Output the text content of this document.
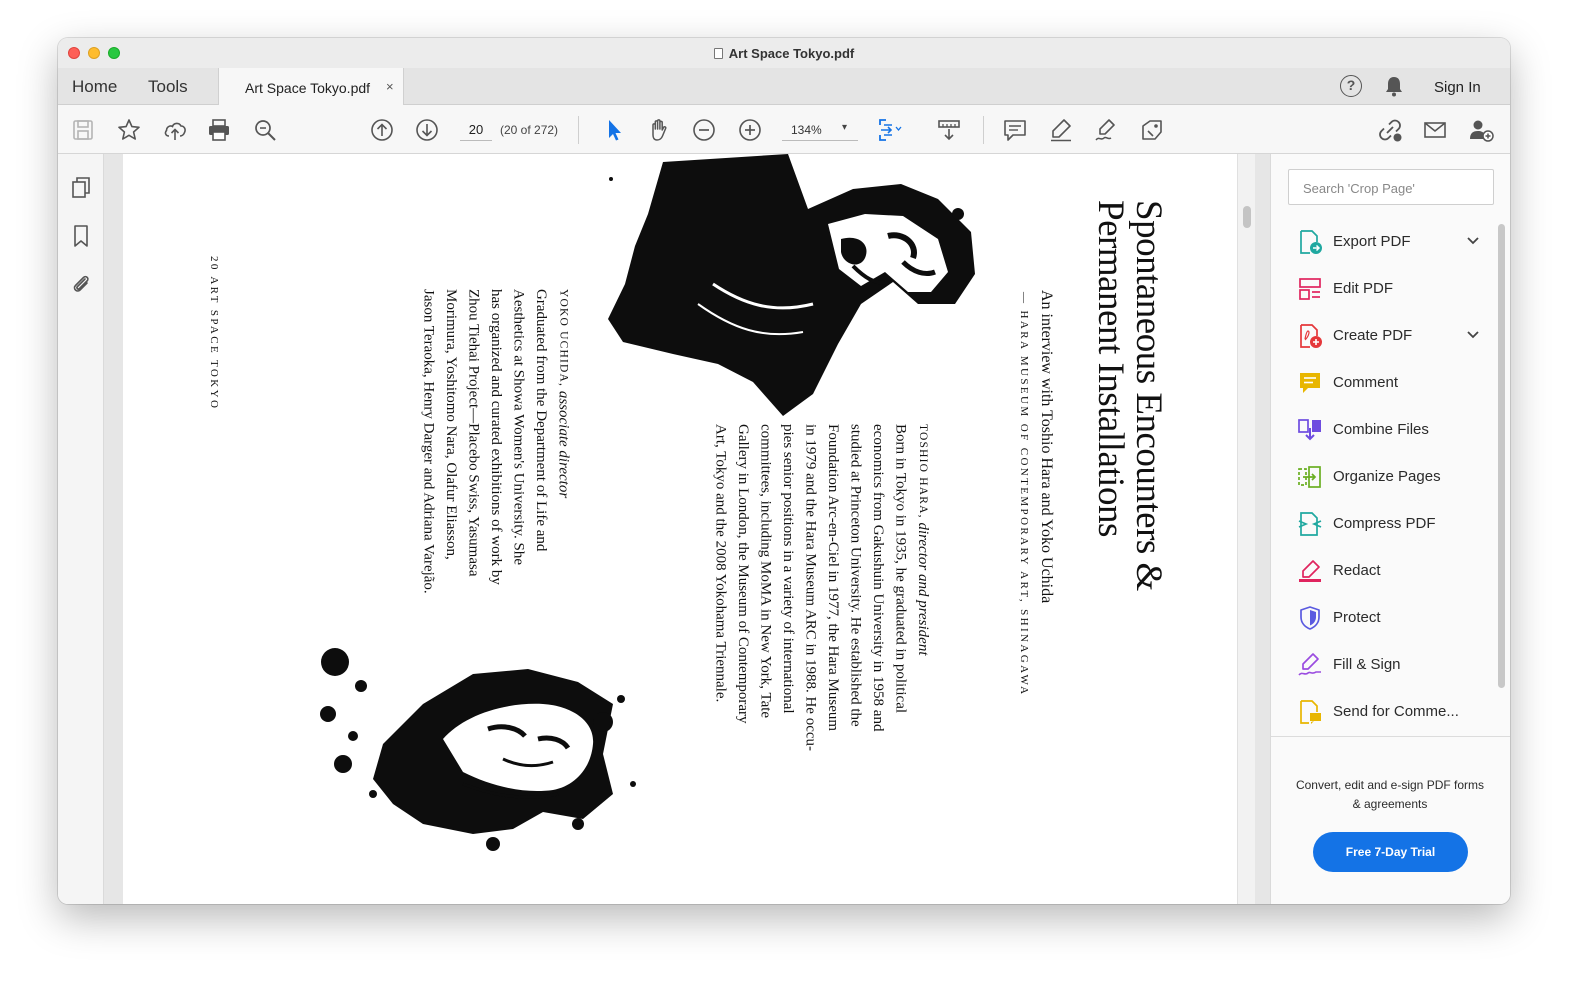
Art Space Tokyo.pdf
Home Tools	Art Space Tokyo.pdf ×	?	Sign In
20	(20 of 272)	134% ▾
Spontaneous Encounters &
Permanent Installations
An interview with Toshio Hara and Yoko Uchida
— HARA MUSEUM OF CONTEMPORARY ART, SHINAGAWA
TOSHIO HARA, director and president
Born in Tokyo in 1935, he graduated in political
economics from Gakushuin University in 1958 and
studied at Princeton University. He established the
Foundation Arc-en-Ciel in 1977, the Hara Museum
in 1979 and the Hara Museum ARC in 1988. He occu-
pies senior positions in a variety of international
committees, including MoMA in New York, Tate
Gallery in London, the Museum of Contemporary
Art, Tokyo and the 2008 Yokohama Triennale.
YOKO UCHIDA, associate director
Graduated from the Department of Life and
Aesthetics at Showa Women's University. She
has organized and curated exhibitions of work by
Zhou Tiehai Project—Placebo Swiss, Yasumasa
Morimura, Yoshitomo Nara, Olafur Eliasson,
Jason Teraoka, Henry Darger and Adriana Varejão.
20 ART SPACE TOKYO
Search 'Crop Page'
Export PDF
Edit PDF
Create PDF
Comment
Combine Files
Organize Pages
Compress PDF
Redact
Protect
Fill & Sign
Send for Comme...
Convert, edit and e-sign PDF forms & agreements
Free 7-Day Trial
